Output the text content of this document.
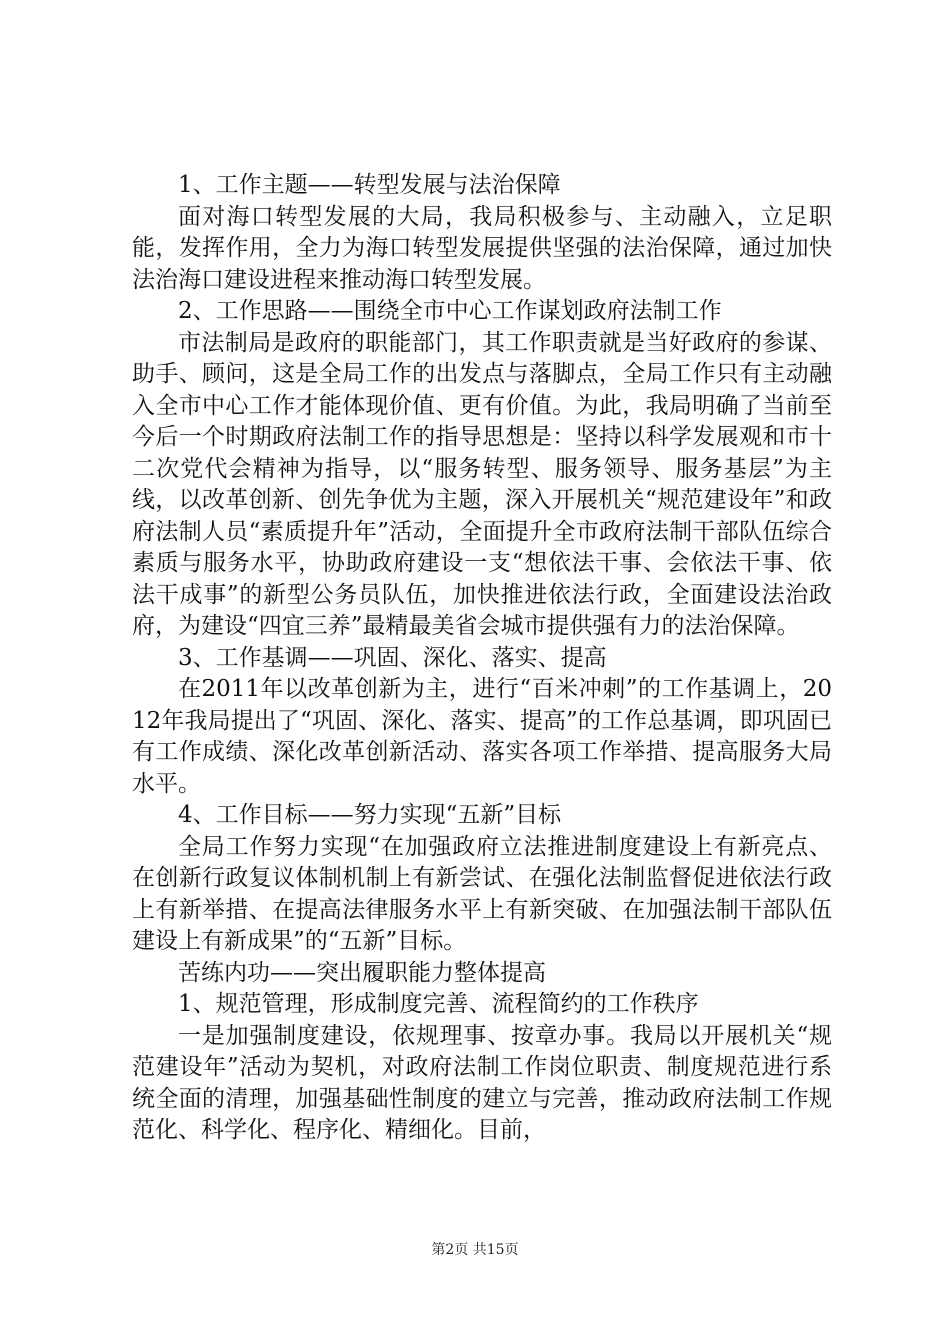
1、工作主题——转型发展与法治保障

面对海口转型发展的大局，我局积极参与、主动融入，立足职能，发挥作用，全力为海口转型发展提供坚强的法治保障，通过加快法治海口建设进程来推动海口转型发展。

2、工作思路——围绕全市中心工作谋划政府法制工作

市法制局是政府的职能部门，其工作职责就是当好政府的参谋、助手、顾问，这是全局工作的出发点与落脚点，全局工作只有主动融入全市中心工作才能体现价值、更有价值。为此，我局明确了当前至今后一个时期政府法制工作的指导思想是：坚持以科学发展观和市十二次党代会精神为指导，以“服务转型、服务领导、服务基层”为主线，以改革创新、创先争优为主题，深入开展机关“规范建设年”和政府法制人员“素质提升年”活动，全面提升全市政府法制干部队伍综合素质与服务水平，协助政府建设一支“想依法干事、会依法干事、依法干成事”的新型公务员队伍，加快推进依法行政，全面建设法治政府，为建设“四宜三养”最精最美省会城市提供强有力的法治保障。

3、工作基调——巩固、深化、落实、提高

在2011年以改革创新为主，进行“百米冲刺”的工作基调上，2012年我局提出了“巩固、深化、落实、提高”的工作总基调，即巩固已有工作成绩、深化改革创新活动、落实各项工作举措、提高服务大局水平。

4、工作目标——努力实现“五新”目标

全局工作努力实现“在加强政府立法推进制度建设上有新亮点、在创新行政复议体制机制上有新尝试、在强化法制监督促进依法行政上有新举措、在提高法律服务水平上有新突破、在加强法制干部队伍建设上有新成果”的“五新”目标。

苦练内功——突出履职能力整体提高

1、规范管理，形成制度完善、流程简约的工作秩序

一是加强制度建设，依规理事、按章办事。我局以开展机关“规范建设年”活动为契机，对政府法制工作岗位职责、制度规范进行系统全面的清理，加强基础性制度的建立与完善，推动政府法制工作规范化、科学化、程序化、精细化。目前，

第2页 共15页
